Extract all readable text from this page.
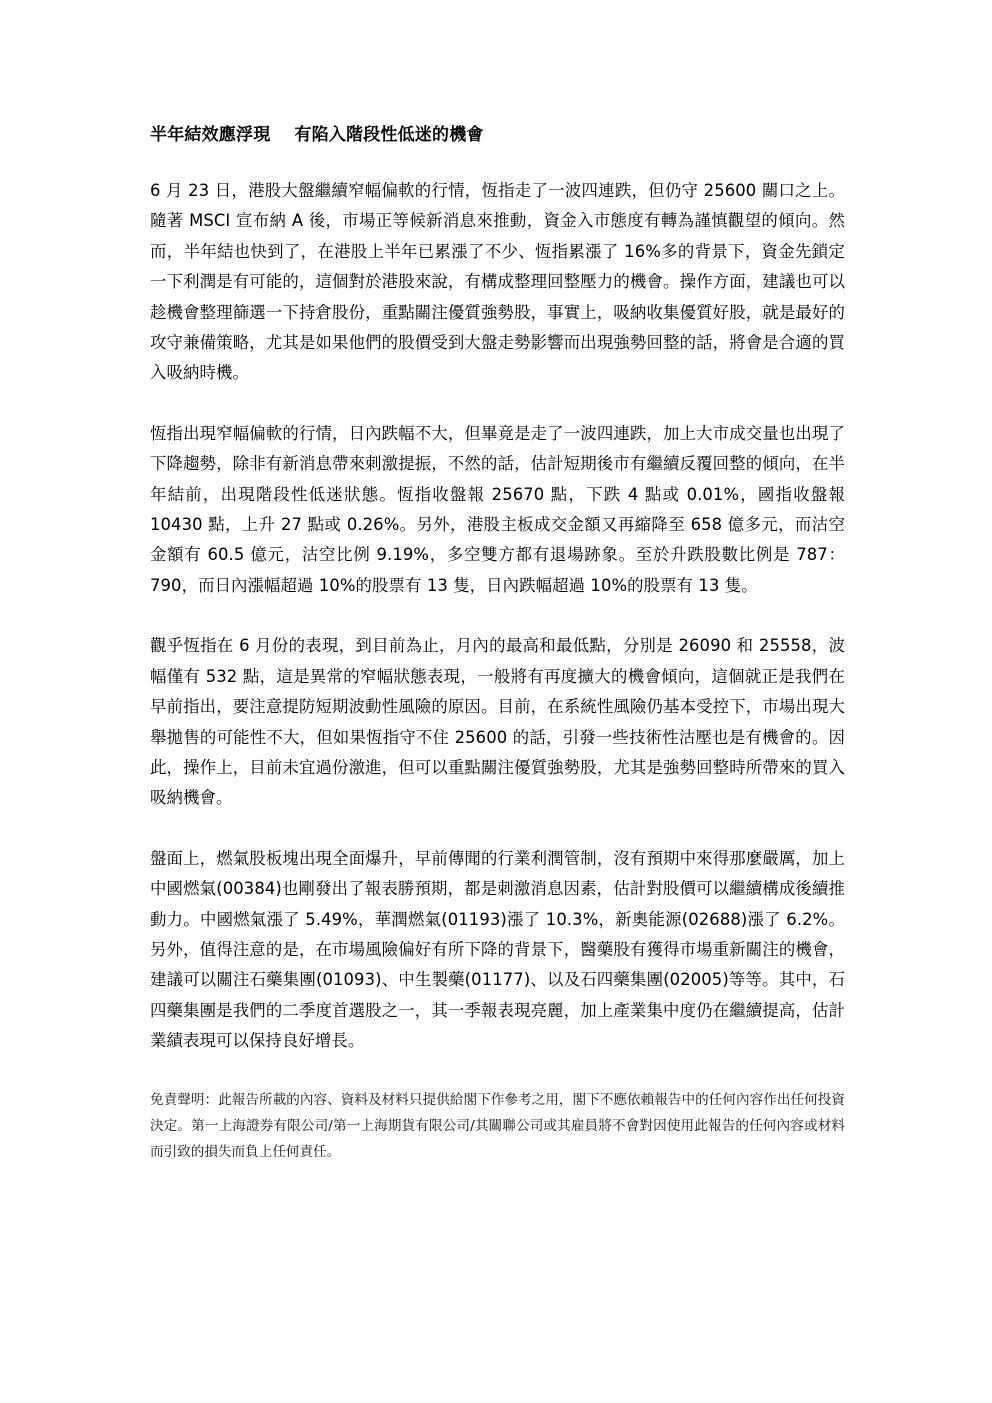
半年結效應浮現 有陷入階段性低迷的機會

6 月 23 日，港股大盤繼續窄幅偏軟的行情，恆指走了一波四連跌，但仍守 25600 關口之上。隨著 MSCI 宣布納 A 後，市場正等候新消息來推動，資金入市態度有轉為謹慎觀望的傾向。然而，半年結也快到了，在港股上半年已累漲了不少、恆指累漲了 16%多的背景下，資金先鎖定一下利潤是有可能的，這個對於港股來說，有構成整理回整壓力的機會。操作方面，建議也可以趁機會整理篩選一下持倉股份，重點關注優質強勢股，事實上，吸納收集優質好股，就是最好的攻守兼備策略，尤其是如果他們的股價受到大盤走勢影響而出現強勢回整的話，將會是合適的買入吸納時機。

恆指出現窄幅偏軟的行情，日內跌幅不大，但畢竟是走了一波四連跌，加上大市成交量也出現了下降趨勢，除非有新消息帶來刺激提振，不然的話，估計短期後市有繼續反覆回整的傾向，在半年結前，出現階段性低迷狀態。恆指收盤報 25670 點，下跌 4 點或 0.01%，國指收盤報 10430 點，上升 27 點或 0.26%。另外，港股主板成交金額又再縮降至 658 億多元，而沽空金額有 60.5 億元，沽空比例 9.19%，多空雙方都有退場跡象。至於升跌股數比例是 787：790，而日內漲幅超過 10%的股票有 13 隻，日內跌幅超過 10%的股票有 13 隻。

觀乎恆指在 6 月份的表現，到目前為止，月內的最高和最低點，分別是 26090 和 25558，波幅僅有 532 點，這是異常的窄幅狀態表現，一般將有再度擴大的機會傾向，這個就正是我們在早前指出，要注意提防短期波動性風險的原因。目前，在系統性風險仍基本受控下，市場出現大舉拋售的可能性不大，但如果恆指守不住 25600 的話，引發一些技術性沽壓也是有機會的。因此，操作上，目前未宜過份激進，但可以重點關注優質強勢股，尤其是強勢回整時所帶來的買入吸納機會。

盤面上，燃氣股板塊出現全面爆升，早前傳聞的行業利潤管制，沒有預期中來得那麼嚴厲，加上中國燃氣(00384)也剛發出了報表勝預期，都是刺激消息因素，估計對股價可以繼續構成後續推動力。中國燃氣漲了 5.49%，華潤燃氣(01193)漲了 10.3%，新奧能源(02688)漲了 6.2%。另外，值得注意的是，在市場風險偏好有所下降的背景下，醫藥股有獲得市場重新關注的機會，建議可以關注石藥集團(01093)、中生製藥(01177)、以及石四藥集團(02005)等等。其中，石四藥集團是我們的二季度首選股之一，其一季報表現亮麗，加上產業集中度仍在繼續提高，估計業績表現可以保持良好增長。

免責聲明：此報告所載的內容、資料及材料只提供給閣下作參考之用，閣下不應依賴報告中的任何內容作出任何投資決定。第一上海證券有限公司/第一上海期貨有限公司/其關聯公司或其雇員將不會對因使用此報告的任何內容或材料而引致的損失而負上任何責任。
